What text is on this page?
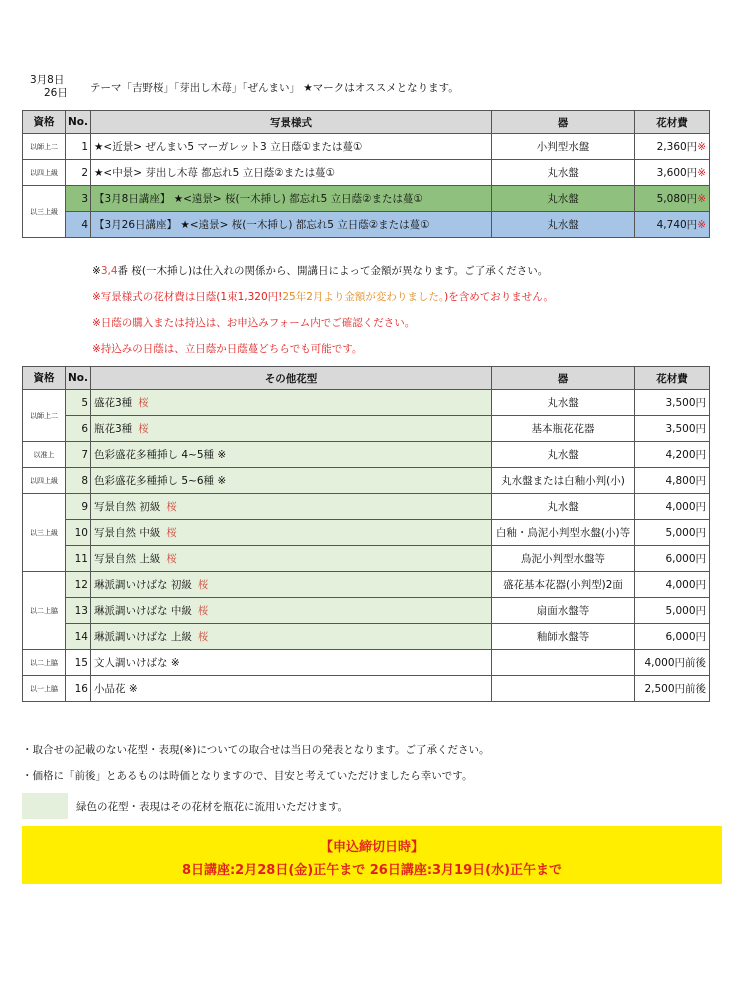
3月8日
26日 テーマ「吉野桜」「芽出し木苺」「ぜんまい」 ★マークはオススメとなります。
資格	No.	写景様式	器	花材費
以師上二	1	★<近景> ぜんまい5 マーガレット3 立日蔭①または蔓①	小判型水盤	2,360円※
以四上級	2	★<中景> 芽出し木苺 都忘れ5 立日蔭②または蔓①	丸水盤	3,600円※
以三上級	3	【3月8日講座】 ★<遠景> 桜(一木挿し) 都忘れ5 立日蔭②または蔓①	丸水盤	5,080円※
	4	【3月26日講座】 ★<遠景> 桜(一木挿し) 都忘れ5 立日蔭②または蔓①	丸水盤	4,740円※
※3,4番 桜(一木挿し)は仕入れの関係から、開講日によって金額が異なります。ご了承ください。
※写景様式の花材費は日蔭(1束1,320円!25年2月より金額が変わりました。)を含めておりません。
※日蔭の購入または持込は、お申込みフォーム内でご確認ください。
※持込みの日蔭は、立日蔭か日蔭蔓どちらでも可能です。
資格	No.	その他花型	器	花材費
以師上二	5	盛花3種 桜	丸水盤	3,500円
	6	瓶花3種 桜	基本瓶花花器	3,500円
以准上	7	色彩盛花多種挿し 4~5種 ※	丸水盤	4,200円
以四上級	8	色彩盛花多種挿し 5~6種 ※	丸水盤または白釉小判(小)	4,800円
以三上級	9	写景自然 初級 桜	丸水盤	4,000円
	10	写景自然 中級 桜	白釉・鳥泥小判型水盤(小)等	5,000円
	11	写景自然 上級 桜	鳥泥小判型水盤等	6,000円
以二上脇	12	琳派調いけばな 初級 桜	盛花基本花器(小判型)2面	4,000円
	13	琳派調いけばな 中級 桜	扇面水盤等	5,000円
	14	琳派調いけばな 上級 桜	釉師水盤等	6,000円
以二上脇	15	文人調いけばな ※		4,000円前後
以一上脇	16	小品花 ※		2,500円前後
・取合せの記載のない花型・表現(※)についての取合せは当日の発表となります。ご了承ください。
・価格に「前後」とあるものは時価となりますので、目安と考えていただけましたら幸いです。
緑色の花型・表現はその花材を瓶花に流用いただけます。
【申込締切日時】
8日講座:2月28日(金)正午まで 26日講座:3月19日(水)正午まで
